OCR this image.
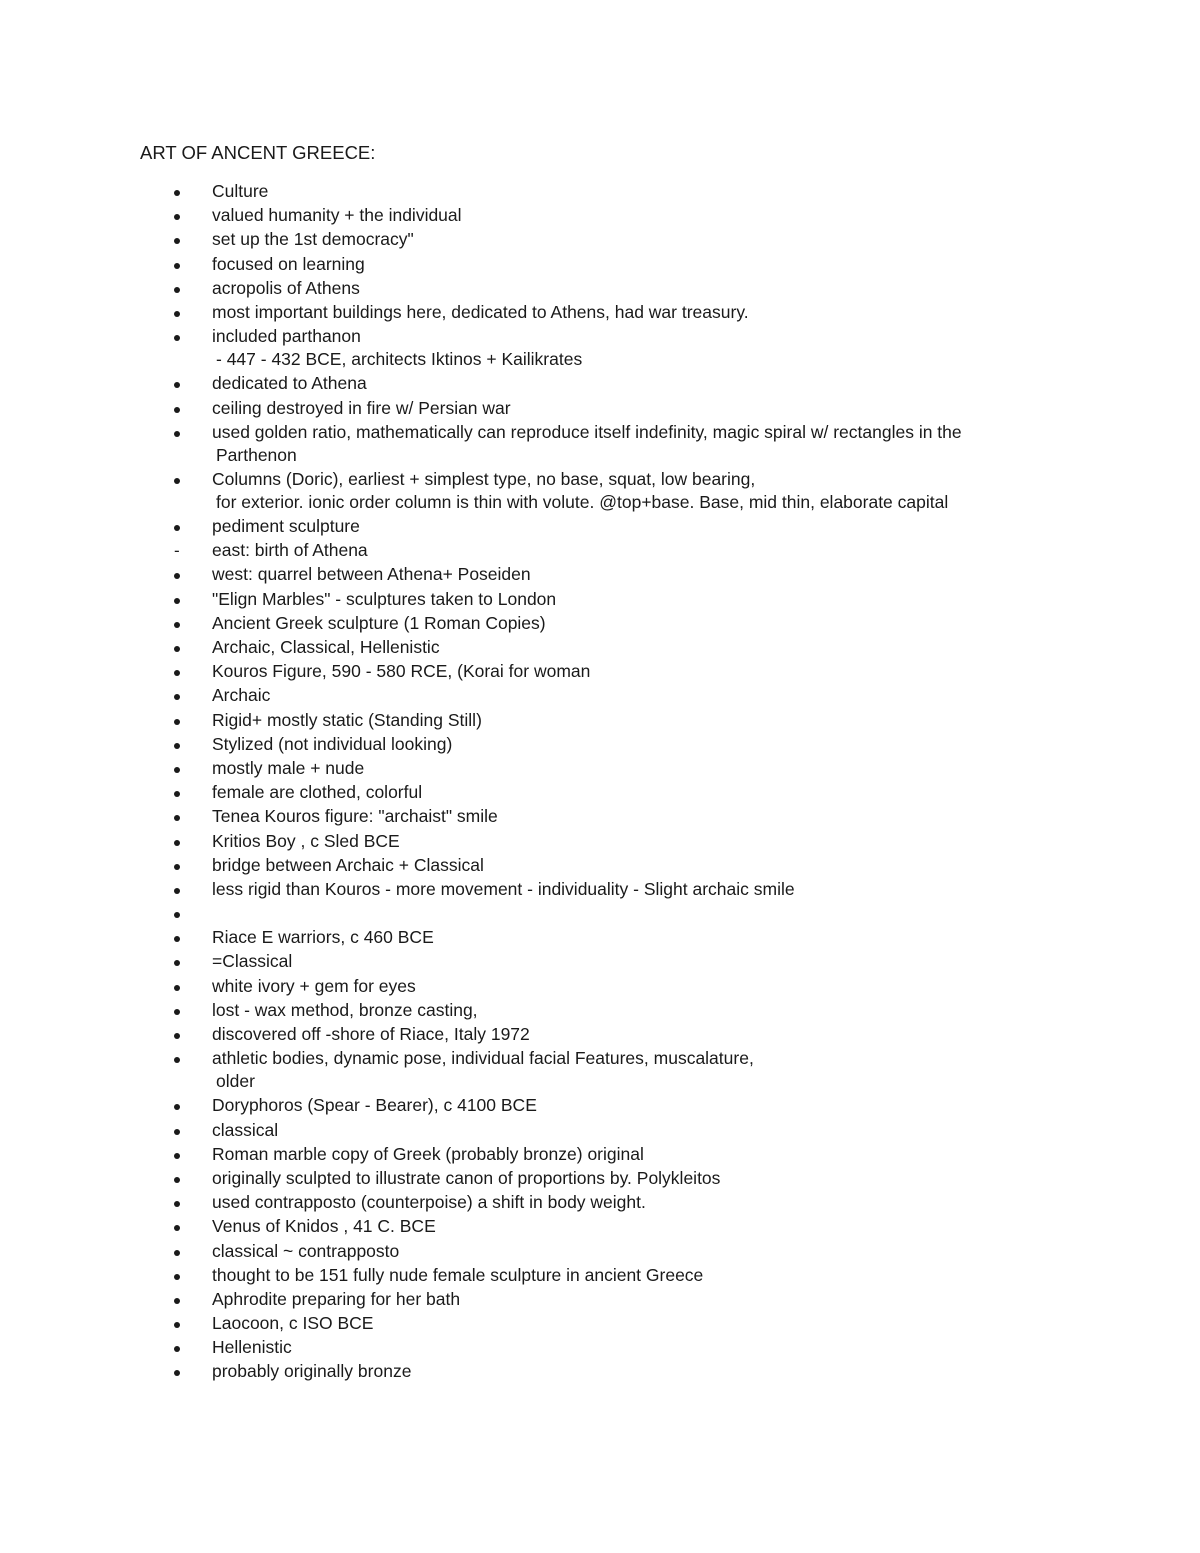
ART OF ANCENT GREECE:
Culture
valued humanity + the individual
set up the 1st democracy"
focused on learning
acropolis of Athens
most important buildings here, dedicated to Athens, had war treasury.
included parthanon
- 447 - 432 BCE, architects Iktinos + Kailikrates
dedicated to Athena
ceiling destroyed in fire w/ Persian war
used golden ratio, mathematically can reproduce itself indefinity, magic spiral w/ rectangles in the
Parthenon
Columns (Doric), earliest + simplest type, no base, squat, low bearing,
for exterior. ionic order column is thin with volute. @top+base. Base, mid thin, elaborate capital
pediment sculpture
-	east: birth of Athena
west: quarrel between Athena+ Poseiden
"Elign Marbles" - sculptures taken to London
Ancient Greek sculpture (1 Roman Copies)
Archaic, Classical, Hellenistic
Kouros Figure, 590 - 580 RCE, (Korai for woman
Archaic
Rigid+ mostly static (Standing Still)
Stylized (not individual looking)
mostly male + nude
female are clothed, colorful
Tenea Kouros figure: "archaist" smile
Kritios Boy , c Sled BCE
bridge between Archaic + Classical
less rigid than Kouros - more movement - individuality - Slight archaic smile

Riace E warriors, c 460 BCE
=Classical
white ivory + gem for eyes
lost - wax method, bronze casting,
discovered off -shore of Riace, Italy 1972
athletic bodies, dynamic pose, individual facial Features, muscalature,
older
Doryphoros (Spear - Bearer), c 4100 BCE
classical
Roman marble copy of Greek (probably bronze) original
originally sculpted to illustrate canon of proportions by. Polykleitos
used contrapposto (counterpoise) a shift in body weight.
Venus of Knidos , 41 C. BCE
classical ~ contrapposto
thought to be 151 fully nude female sculpture in ancient Greece
Aphrodite preparing for her bath
Laocoon, c ISO BCE
Hellenistic
probably originally bronze
